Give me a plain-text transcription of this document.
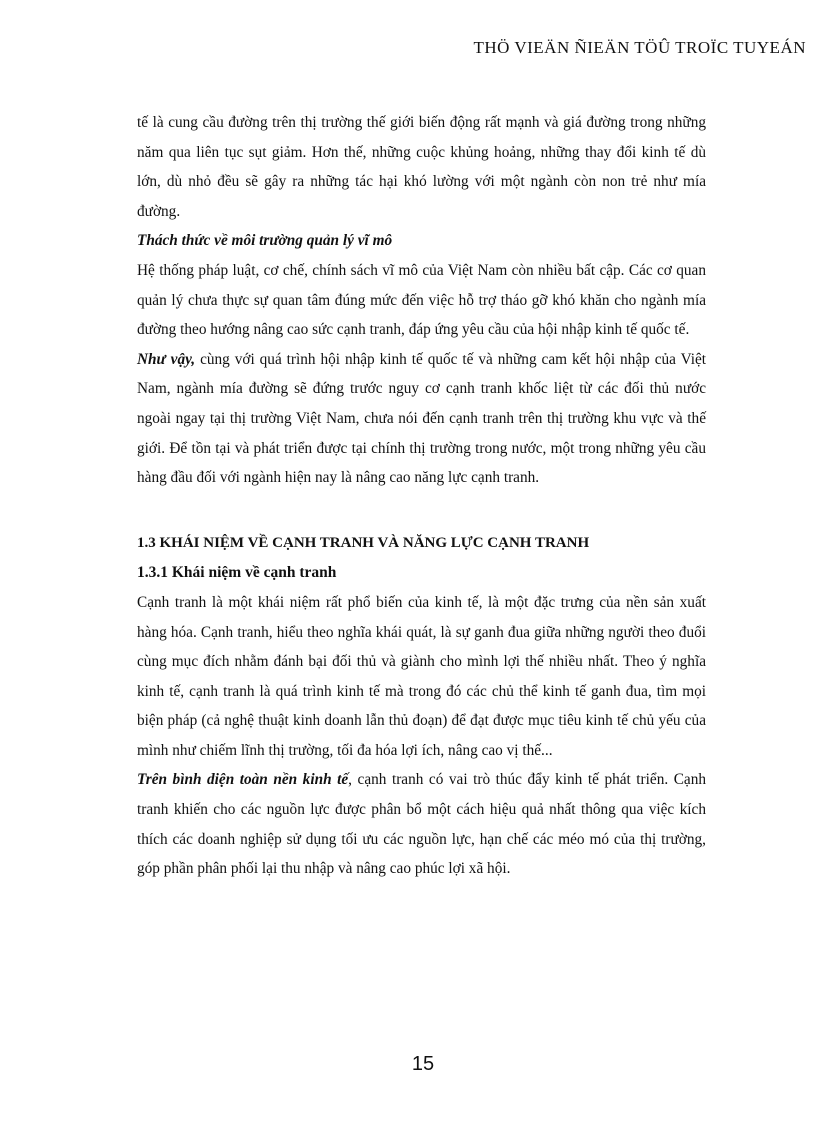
THÖ VIEÄN ÑIEÄN TÖÛ TROÏC TUYEÁN

tế là cung cầu đường trên thị trường thế giới biến động rất mạnh và giá đường trong những năm qua liên tục sụt giảm. Hơn thế, những cuộc khủng hoảng, những thay đổi kinh tế dù lớn, dù nhỏ đều sẽ gây ra những tác hại khó lường với một ngành còn non trẻ như mía đường.

Thách thức về môi trường quản lý vĩ mô

Hệ thống pháp luật, cơ chế, chính sách vĩ mô của Việt Nam còn nhiều bất cập. Các cơ quan quản lý chưa thực sự quan tâm đúng mức đến việc hỗ trợ tháo gỡ khó khăn cho ngành mía đường theo hướng nâng cao sức cạnh tranh, đáp ứng yêu cầu của hội nhập kinh tế quốc tế.

Như vậy, cùng với quá trình hội nhập kinh tế quốc tế và những cam kết hội nhập của Việt Nam, ngành mía đường sẽ đứng trước nguy cơ cạnh tranh khốc liệt từ các đối thủ nước ngoài ngay tại thị trường Việt Nam, chưa nói đến cạnh tranh trên thị trường khu vực và thế giới. Để tồn tại và phát triển được tại chính thị trường trong nước, một trong những yêu cầu hàng đầu đối với ngành hiện nay là nâng cao năng lực cạnh tranh.

1.3 KHÁI NIỆM VỀ CẠNH TRANH VÀ NĂNG LỰC CẠNH TRANH

1.3.1 Khái niệm về cạnh tranh

Cạnh tranh là một khái niệm rất phổ biến của kinh tế, là một đặc trưng của nền sản xuất hàng hóa. Cạnh tranh, hiểu theo nghĩa khái quát, là sự ganh đua giữa những người theo đuổi cùng mục đích nhằm đánh bại đối thủ và giành cho mình lợi thế nhiều nhất. Theo ý nghĩa kinh tế, cạnh tranh là quá trình kinh tế mà trong đó các chủ thể kinh tế ganh đua, tìm mọi biện pháp (cả nghệ thuật kinh doanh lẫn thủ đoạn) để đạt được mục tiêu kinh tế chủ yếu của mình như chiếm lĩnh thị trường, tối đa hóa lợi ích, nâng cao vị thế...

Trên bình diện toàn nền kinh tế, cạnh tranh có vai trò thúc đẩy kinh tế phát triển. Cạnh tranh khiến cho các nguồn lực được phân bổ một cách hiệu quả nhất thông qua việc kích thích các doanh nghiệp sử dụng tối ưu các nguồn lực, hạn chế các méo mó của thị trường, góp phần phân phối lại thu nhập và nâng cao phúc lợi xã hội.

15
